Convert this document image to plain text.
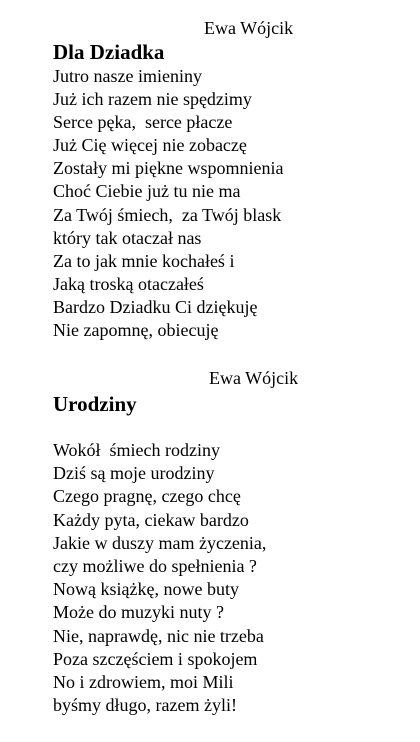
Ewa Wójcik

Dla Dziadka
Jutro nasze imieniny
Już ich razem nie spędzimy
Serce pęka,  serce płacze
Już Cię więcej nie zobaczę
Zostały mi piękne wspomnienia
Choć Ciebie już tu nie ma
Za Twój śmiech,  za Twój blask
który tak otaczał nas
Za to jak mnie kochałeś i
Jaką troską otaczałeś
Bardzo Dziadku Ci dziękuję
Nie zapomnę, obiecuję

Ewa Wójcik

Urodziny
Wokół  śmiech rodziny
Dziś są moje urodziny
Czego pragnę, czego chcę
Każdy pyta, ciekaw bardzo
Jakie w duszy mam życzenia,
czy możliwe do spełnienia ?
Nową książkę, nowe buty
Może do muzyki nuty ?
Nie, naprawdę, nic nie trzeba
Poza szczęściem i spokojem
No i zdrowiem, moi Mili
byśmy długo, razem żyli!
